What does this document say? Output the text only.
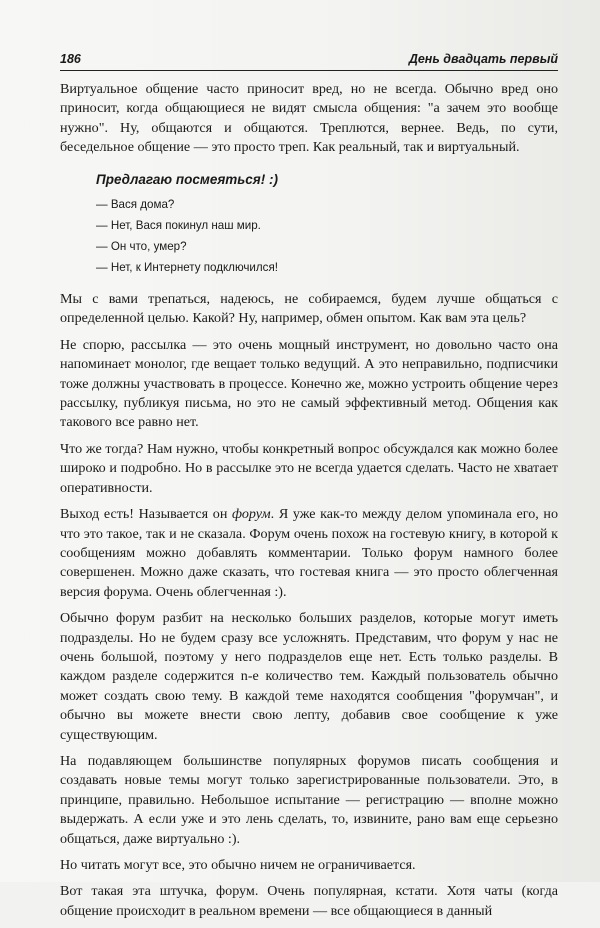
186	День двадцать первый

Виртуальное общение часто приносит вред, но не всегда. Обычно вред оно приносит, когда общающиеся не видят смысла общения: "а зачем это вообще нужно". Ну, общаются и общаются. Треплются, вернее. Ведь, по сути, беседельное общение — это просто треп. Как реальный, так и виртуальный.

Предлагаю посмеяться! :)
— Вася дома?
— Нет, Вася покинул наш мир.
— Он что, умер?
— Нет, к Интернету подключился!

Мы с вами трепаться, надеюсь, не собираемся, будем лучше общаться с определенной целью. Какой? Ну, например, обмен опытом. Как вам эта цель?

Не спорю, рассылка — это очень мощный инструмент, но довольно часто она напоминает монолог, где вещает только ведущий. А это неправильно, подписчики тоже должны участвовать в процессе. Конечно же, можно устроить общение через рассылку, публикуя письма, но это не самый эффективный метод. Общения как такового все равно нет.

Что же тогда? Нам нужно, чтобы конкретный вопрос обсуждался как можно более широко и подробно. Но в рассылке это не всегда удается сделать. Часто не хватает оперативности.

Выход есть! Называется он форум. Я уже как-то между делом упоминала его, но что это такое, так и не сказала. Форум очень похож на гостевую книгу, в которой к сообщениям можно добавлять комментарии. Только форум намного более совершенен. Можно даже сказать, что гостевая книга — это просто облегченная версия форума. Очень облегченная :).

Обычно форум разбит на несколько больших разделов, которые могут иметь подразделы. Но не будем сразу все усложнять. Представим, что форум у нас не очень большой, поэтому у него подразделов еще нет. Есть только разделы. В каждом разделе содержится n-е количество тем. Каждый пользователь обычно может создать свою тему. В каждой теме находятся сообщения "форумчан", и обычно вы можете внести свою лепту, добавив свое сообщение к уже существующим.

На подавляющем большинстве популярных форумов писать сообщения и создавать новые темы могут только зарегистрированные пользователи. Это, в принципе, правильно. Небольшое испытание — регистрацию — вполне можно выдержать. А если уже и это лень сделать, то, извините, рано вам еще серьезно общаться, даже виртуально :).

Но читать могут все, это обычно ничем не ограничивается.

Вот такая эта штучка, форум. Очень популярная, кстати. Хотя чаты (когда общение происходит в реальном времени — все общающиеся в данный
